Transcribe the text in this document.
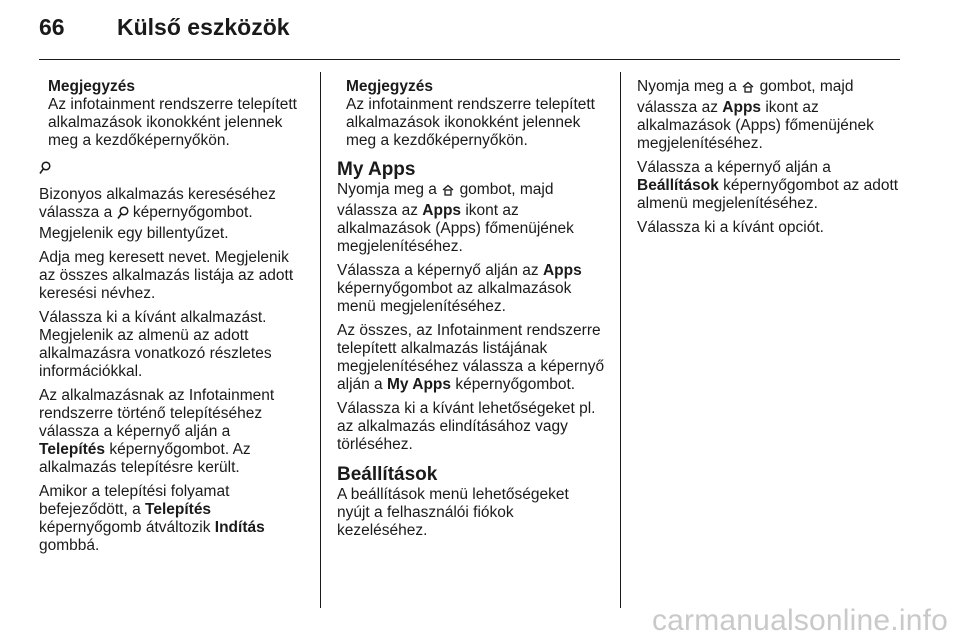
66 Külső eszközök
Megjegyzés
Az infotainment rendszerre telepített alkalmazások ikonokként jelennek meg a kezdőképernyőkön.

Bizonyos alkalmazás kereséséhez válassza a képernyőgombot. Megjelenik egy billentyűzet.

Adja meg keresett nevet. Megjelenik az összes alkalmazás listája az adott keresési névhez.

Válassza ki a kívánt alkalmazást. Megjelenik az almenü az adott alkalmazásra vonatkozó részletes információkkal.

Az alkalmazásnak az Infotainment rendszerre történő telepítéséhez válassza a képernyő alján a
Telepítés képernyőgombot. Az alkalmazás telepítésre került.

Amikor a telepítési folyamat befejeződött, a Telepítés
képernyőgomb átváltozik Indítás
gombbá.

Megjegyzés
Az infotainment rendszerre telepített alkalmazások ikonokként jelennek meg a kezdőképernyőkön.
My Apps

Nyomja meg a gombot, majd válassza az Apps ikont az alkalmazások (Apps) főmenüjének megjelenítéséhez.

Válassza a képernyő alján az Apps képernyőgombot az alkalmazások menü megjelenítéséhez.

Az összes, az Infotainment rendszerre telepített alkalmazás listájának megjelenítéséhez válassza a képernyő alján a My Apps képernyőgombot.

Válassza ki a kívánt lehetőségeket pl. az alkalmazás elindításához vagy törléséhez.

Beállítások

A beállítások menü lehetőségeket nyújt a felhasználói fiókok kezeléséhez.

Nyomja meg a gombot, majd válassza az Apps ikont az alkalmazások (Apps) főmenüjének megjelenítéséhez.

Válassza a képernyő alján a
Beállítások képernyőgombot az adott almenü megjelenítéséhez.

Válassza ki a kívánt opciót.

carmanualsonline.info
